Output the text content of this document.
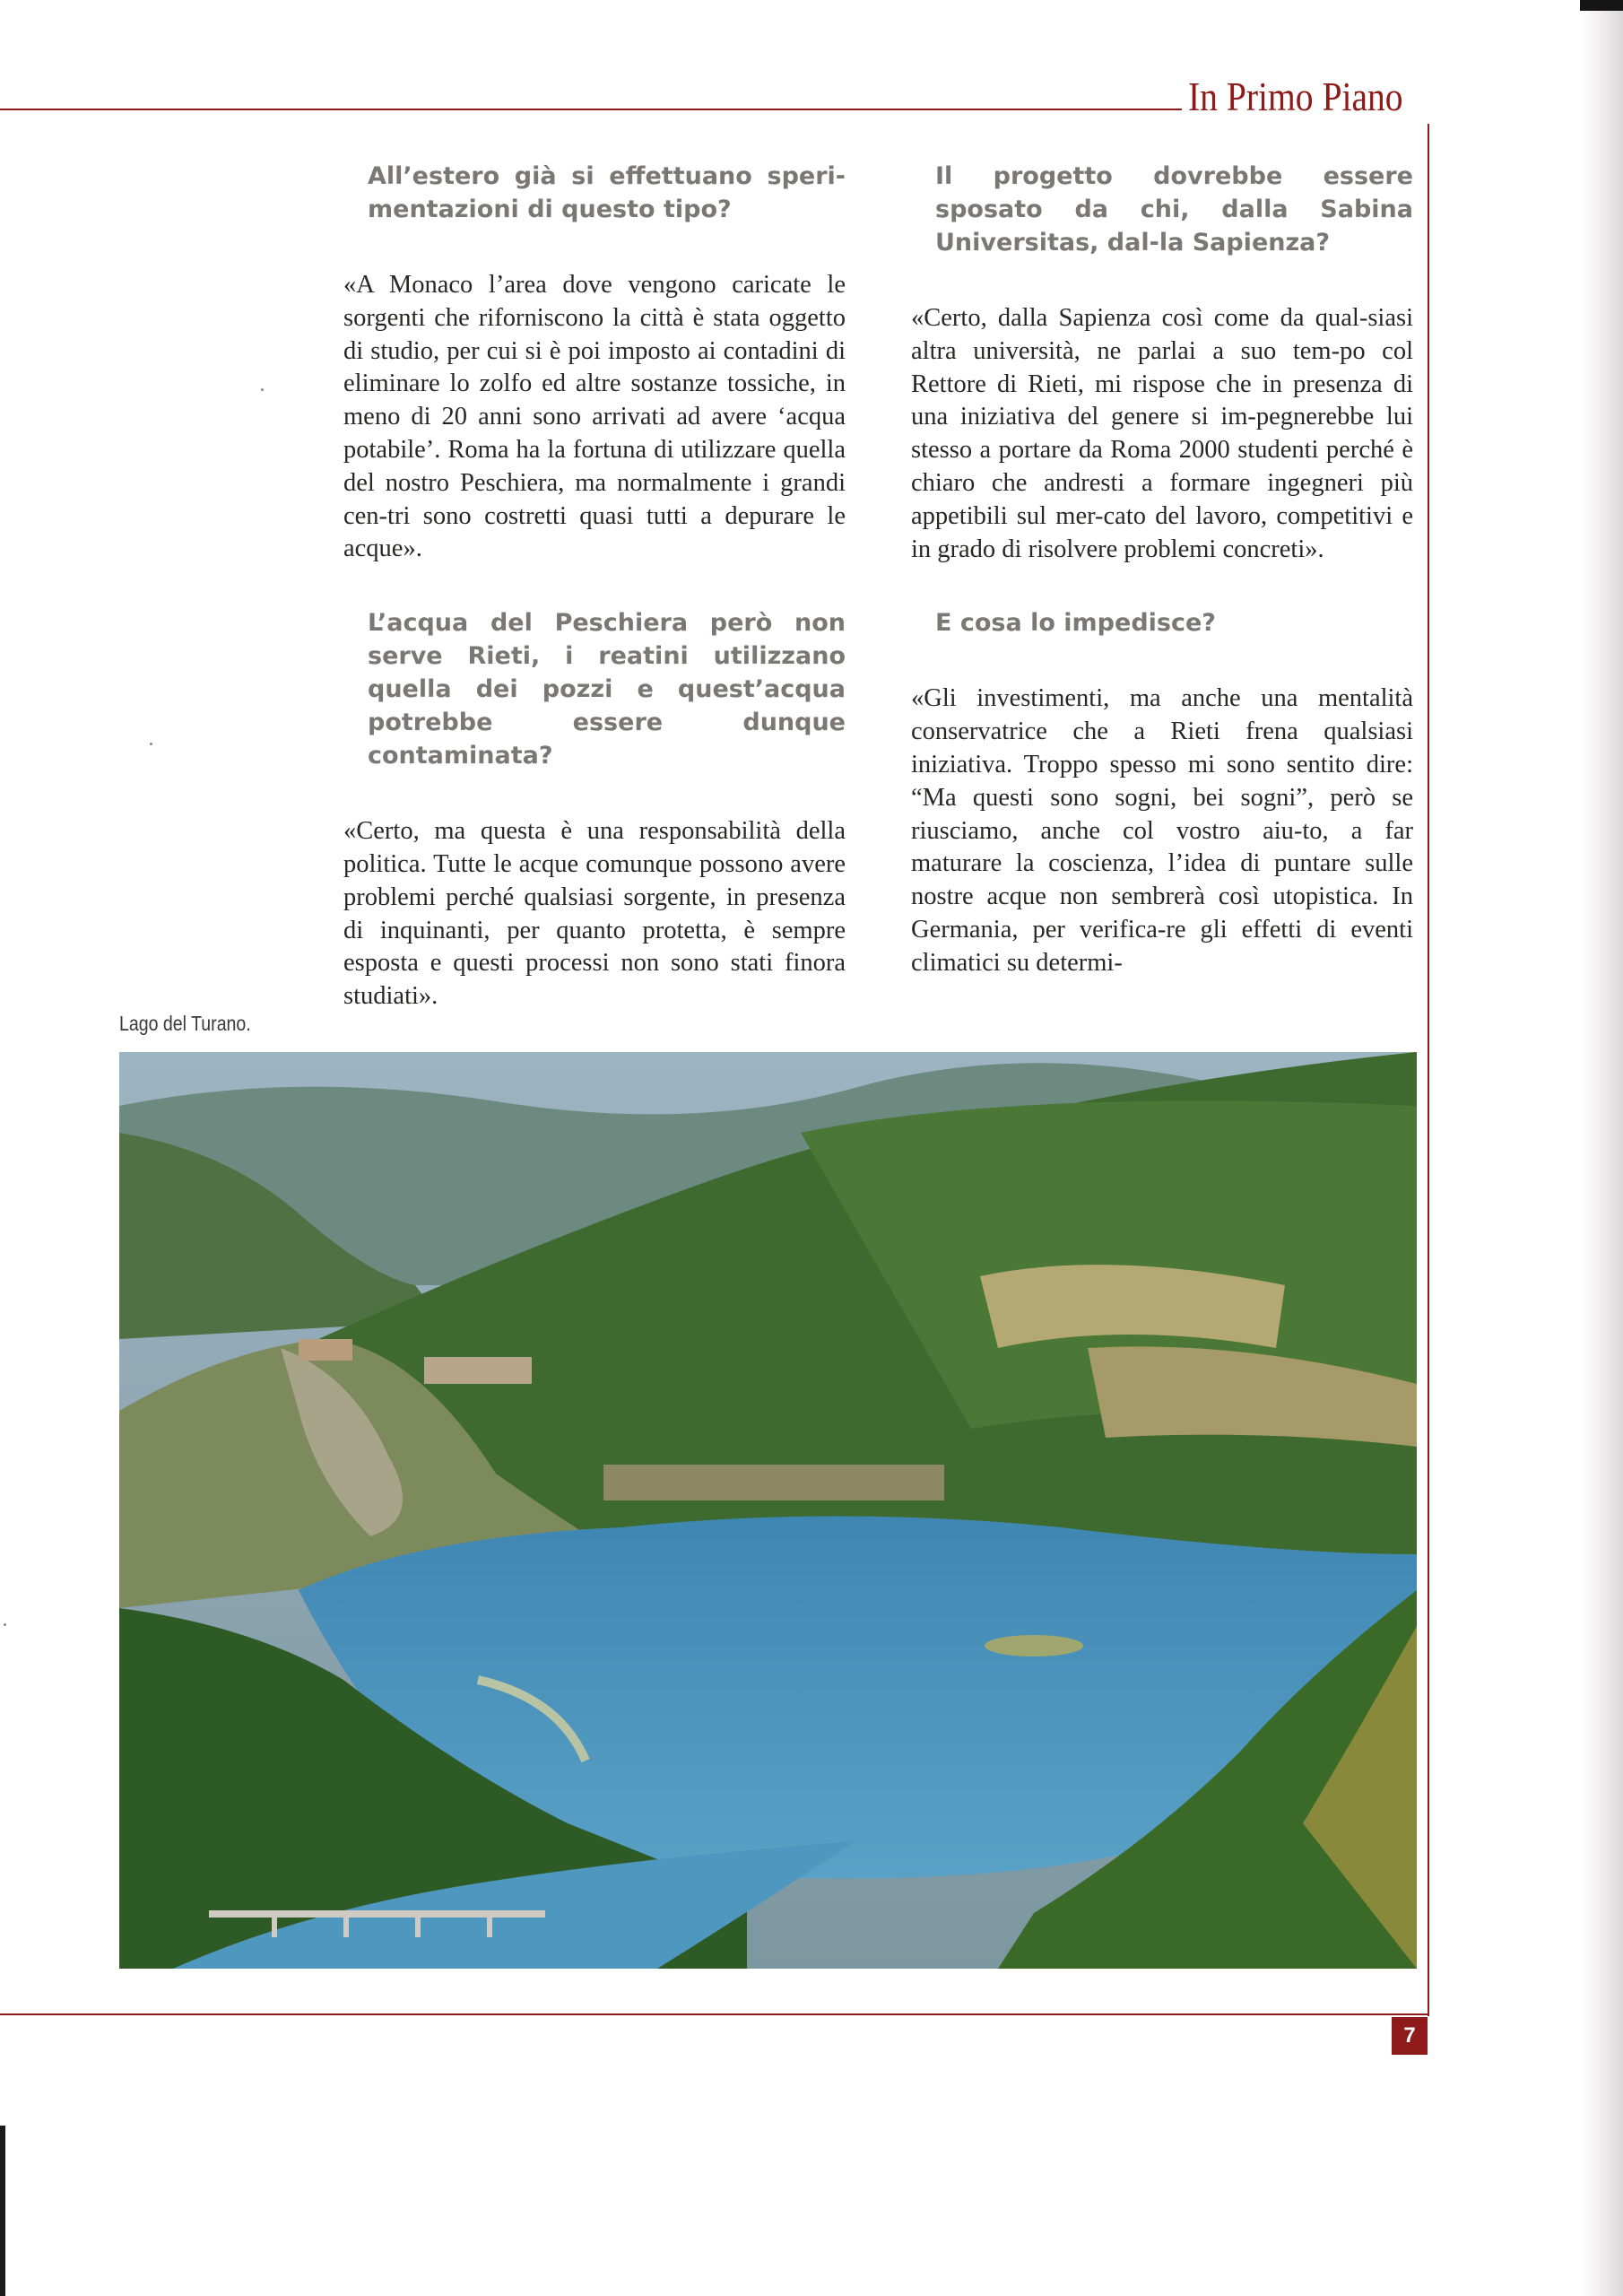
In Primo Piano

All’estero già si effettuano speri- mentazioni di questo tipo?

«A Monaco l’area dove vengono caricate le sorgenti che riforniscono la città è stata oggetto di studio, per cui si è poi imposto ai contadini di eliminare lo zolfo ed altre sostanze tossiche, in meno di 20 anni sono arrivati ad avere ‘acqua potabile’. Roma ha la fortuna di utilizzare quella del nostro Peschiera, ma normalmente i grandi cen-tri sono costretti quasi tutti a depurare le acque».

L’acqua del Peschiera però non serve Rieti, i reatini utilizzano quella dei pozzi e quest’acqua potrebbe essere dunque contaminata?

«Certo, ma questa è una responsabilità della politica. Tutte le acque comunque possono avere problemi perché qualsiasi sorgente, in presenza di inquinanti, per quanto protetta, è sempre esposta e questi processi non sono stati finora studiati».

Il progetto dovrebbe essere sposato da chi, dalla Sabina Universitas, dal-la Sapienza?

«Certo, dalla Sapienza così come da qual-siasi altra università, ne parlai a suo tem-po col Rettore di Rieti, mi rispose che in presenza di una iniziativa del genere si im-pegnerebbe lui stesso a portare da Roma 2000 studenti perché è chiaro che andresti a formare ingegneri più appetibili sul mer-cato del lavoro, competitivi e in grado di risolvere problemi concreti».

E cosa lo impedisce?

«Gli investimenti, ma anche una mentalità conservatrice che a Rieti frena qualsiasi iniziativa. Troppo spesso mi sono sentito dire: “Ma questi sono sogni, bei sogni”, però se riusciamo, anche col vostro aiu-to, a far maturare la coscienza, l’idea di puntare sulle nostre acque non sembrerà così utopistica. In Germania, per verifica-re gli effetti di eventi climatici su determi-

Lago del Turano.

7
